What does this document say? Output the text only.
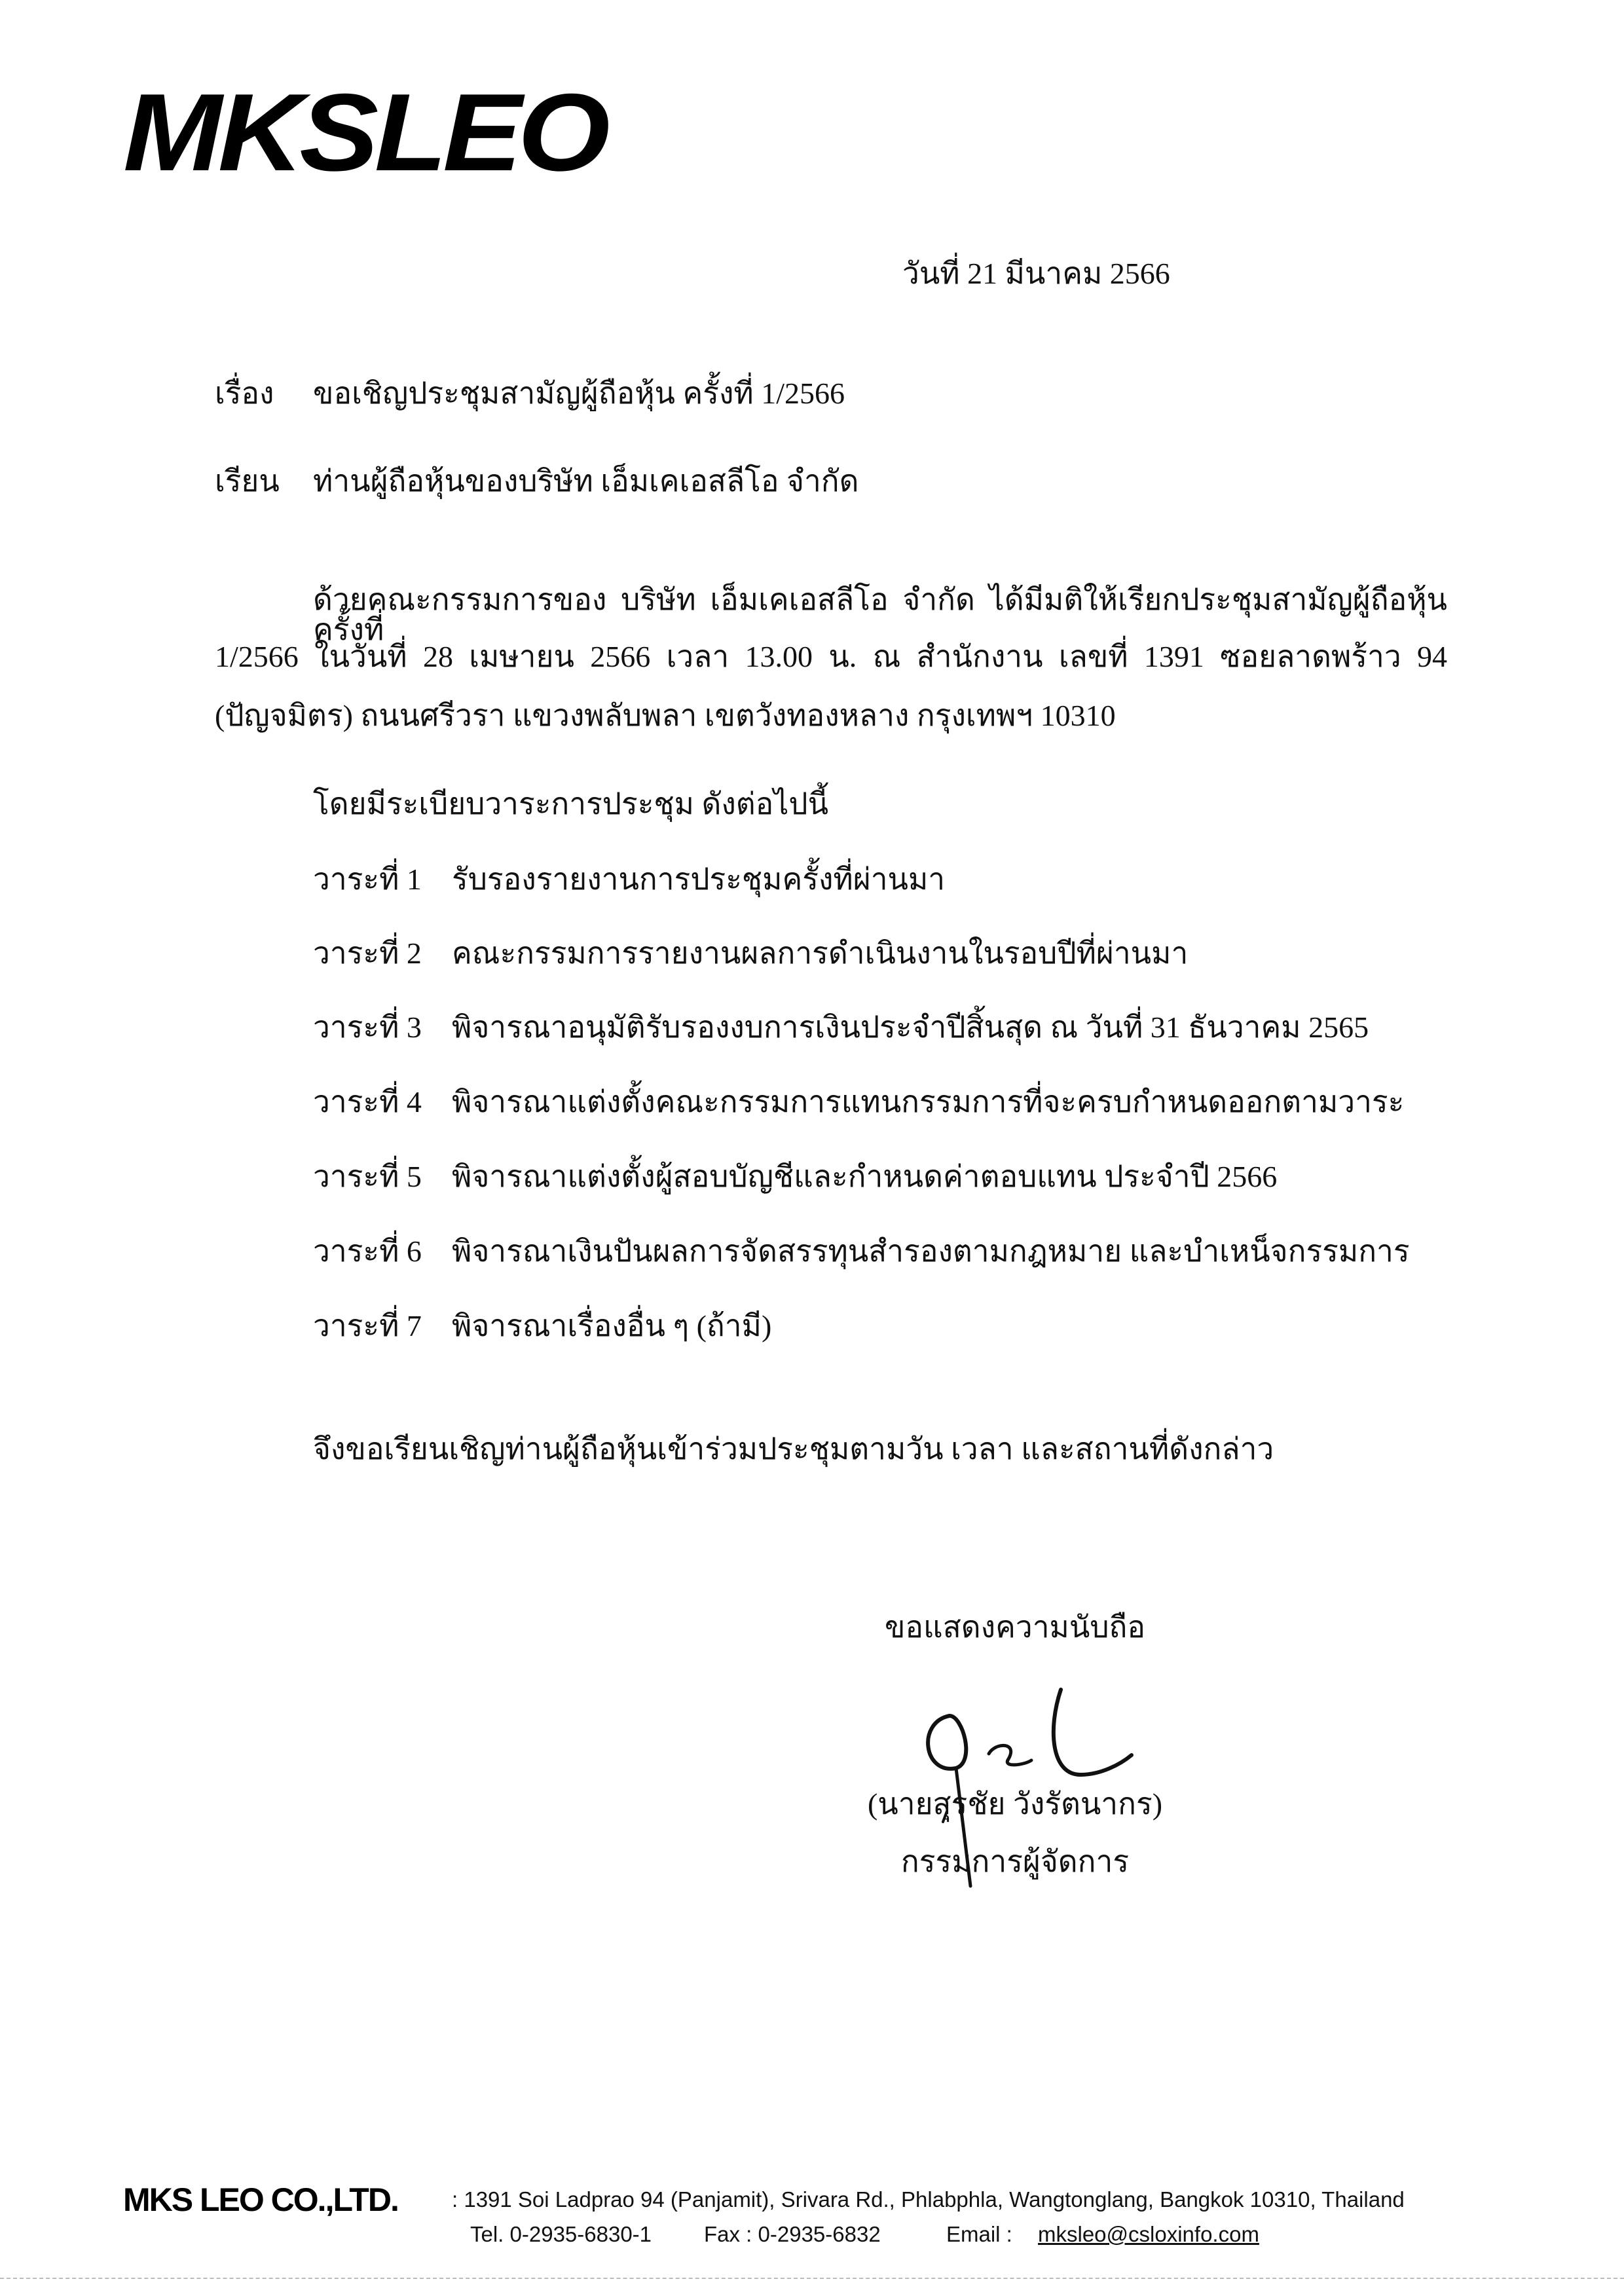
MKSLEO
วันที่ 21 มีนาคม 2566
เรื่อง ขอเชิญประชุมสามัญผู้ถือหุ้น ครั้งที่ 1/2566
เรียน ท่านผู้ถือหุ้นของบริษัท เอ็มเคเอสลีโอ จำกัด
ด้วยคณะกรรมการของ บริษัท เอ็มเคเอสลีโอ จำกัด ได้มีมติให้เรียกประชุมสามัญผู้ถือหุ้น ครั้งที่
1/2566 ในวันที่ 28 เมษายน 2566 เวลา 13.00 น. ณ สำนักงาน เลขที่ 1391 ซอยลาดพร้าว 94
(ปัญจมิตร) ถนนศรีวรา แขวงพลับพลา เขตวังทองหลาง กรุงเทพฯ 10310
โดยมีระเบียบวาระการประชุม ดังต่อไปนี้
วาระที่ 1 รับรองรายงานการประชุมครั้งที่ผ่านมา
วาระที่ 2 คณะกรรมการรายงานผลการดำเนินงานในรอบปีที่ผ่านมา
วาระที่ 3 พิจารณาอนุมัติรับรองงบการเงินประจำปีสิ้นสุด ณ วันที่ 31 ธันวาคม 2565
วาระที่ 4 พิจารณาแต่งตั้งคณะกรรมการแทนกรรมการที่จะครบกำหนดออกตามวาระ
วาระที่ 5 พิจารณาแต่งตั้งผู้สอบบัญชีและกำหนดค่าตอบแทน ประจำปี 2566
วาระที่ 6 พิจารณาเงินปันผลการจัดสรรทุนสำรองตามกฎหมาย และบำเหน็จกรรมการ
วาระที่ 7 พิจารณาเรื่องอื่น ๆ (ถ้ามี)
จึงขอเรียนเชิญท่านผู้ถือหุ้นเข้าร่วมประชุมตามวัน เวลา และสถานที่ดังกล่าว
ขอแสดงความนับถือ
(นายสุรชัย วังรัตนากร)
กรรมการผู้จัดการ
MKS LEO CO.,LTD. : 1391 Soi Ladprao 94 (Panjamit), Srivara Rd., Phlabphla, Wangtonglang, Bangkok 10310, Thailand
Tel. 0-2935-6830-1 Fax : 0-2935-6832	Email : mksleo@csloxinfo.com
